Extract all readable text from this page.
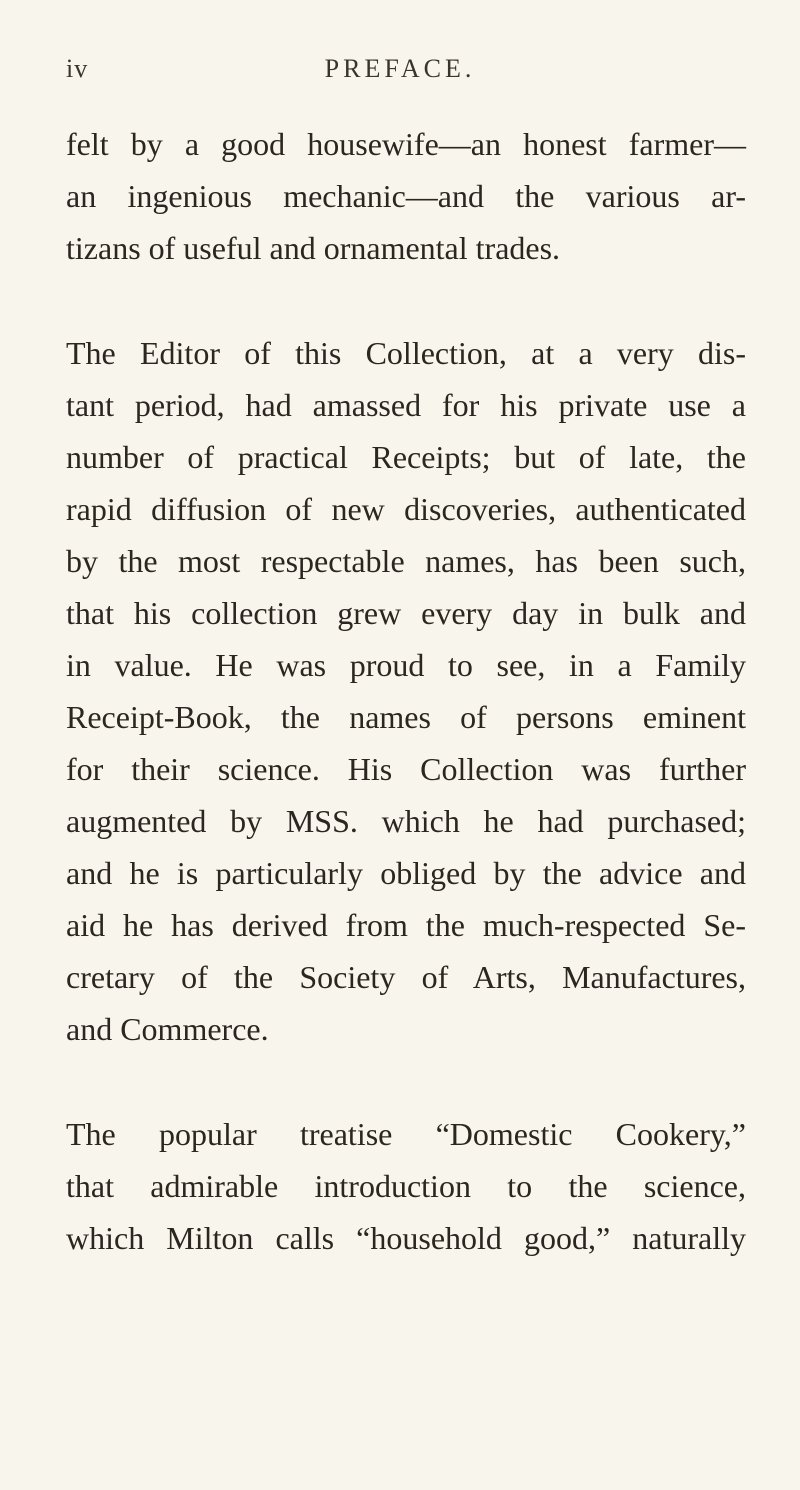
iv	PREFACE.

felt by a good housewife—an honest farmer—
an ingenious mechanic—and the various ar-
tizans of useful and ornamental trades.

The Editor of this Collection, at a very dis-
tant period, had amassed for his private use a
number of practical Receipts; but of late, the
rapid diffusion of new discoveries, authenticated
by the most respectable names, has been such,
that his collection grew every day in bulk and
in value. He was proud to see, in a Family
Receipt-Book, the names of persons eminent
for their science. His Collection was further
augmented by MSS. which he had purchased;
and he is particularly obliged by the advice and
aid he has derived from the much-respected Se-
cretary of the Society of Arts, Manufactures,
and Commerce.

The popular treatise “Domestic Cookery,”
that admirable introduction to the science,
which Milton calls “household good,” naturally
